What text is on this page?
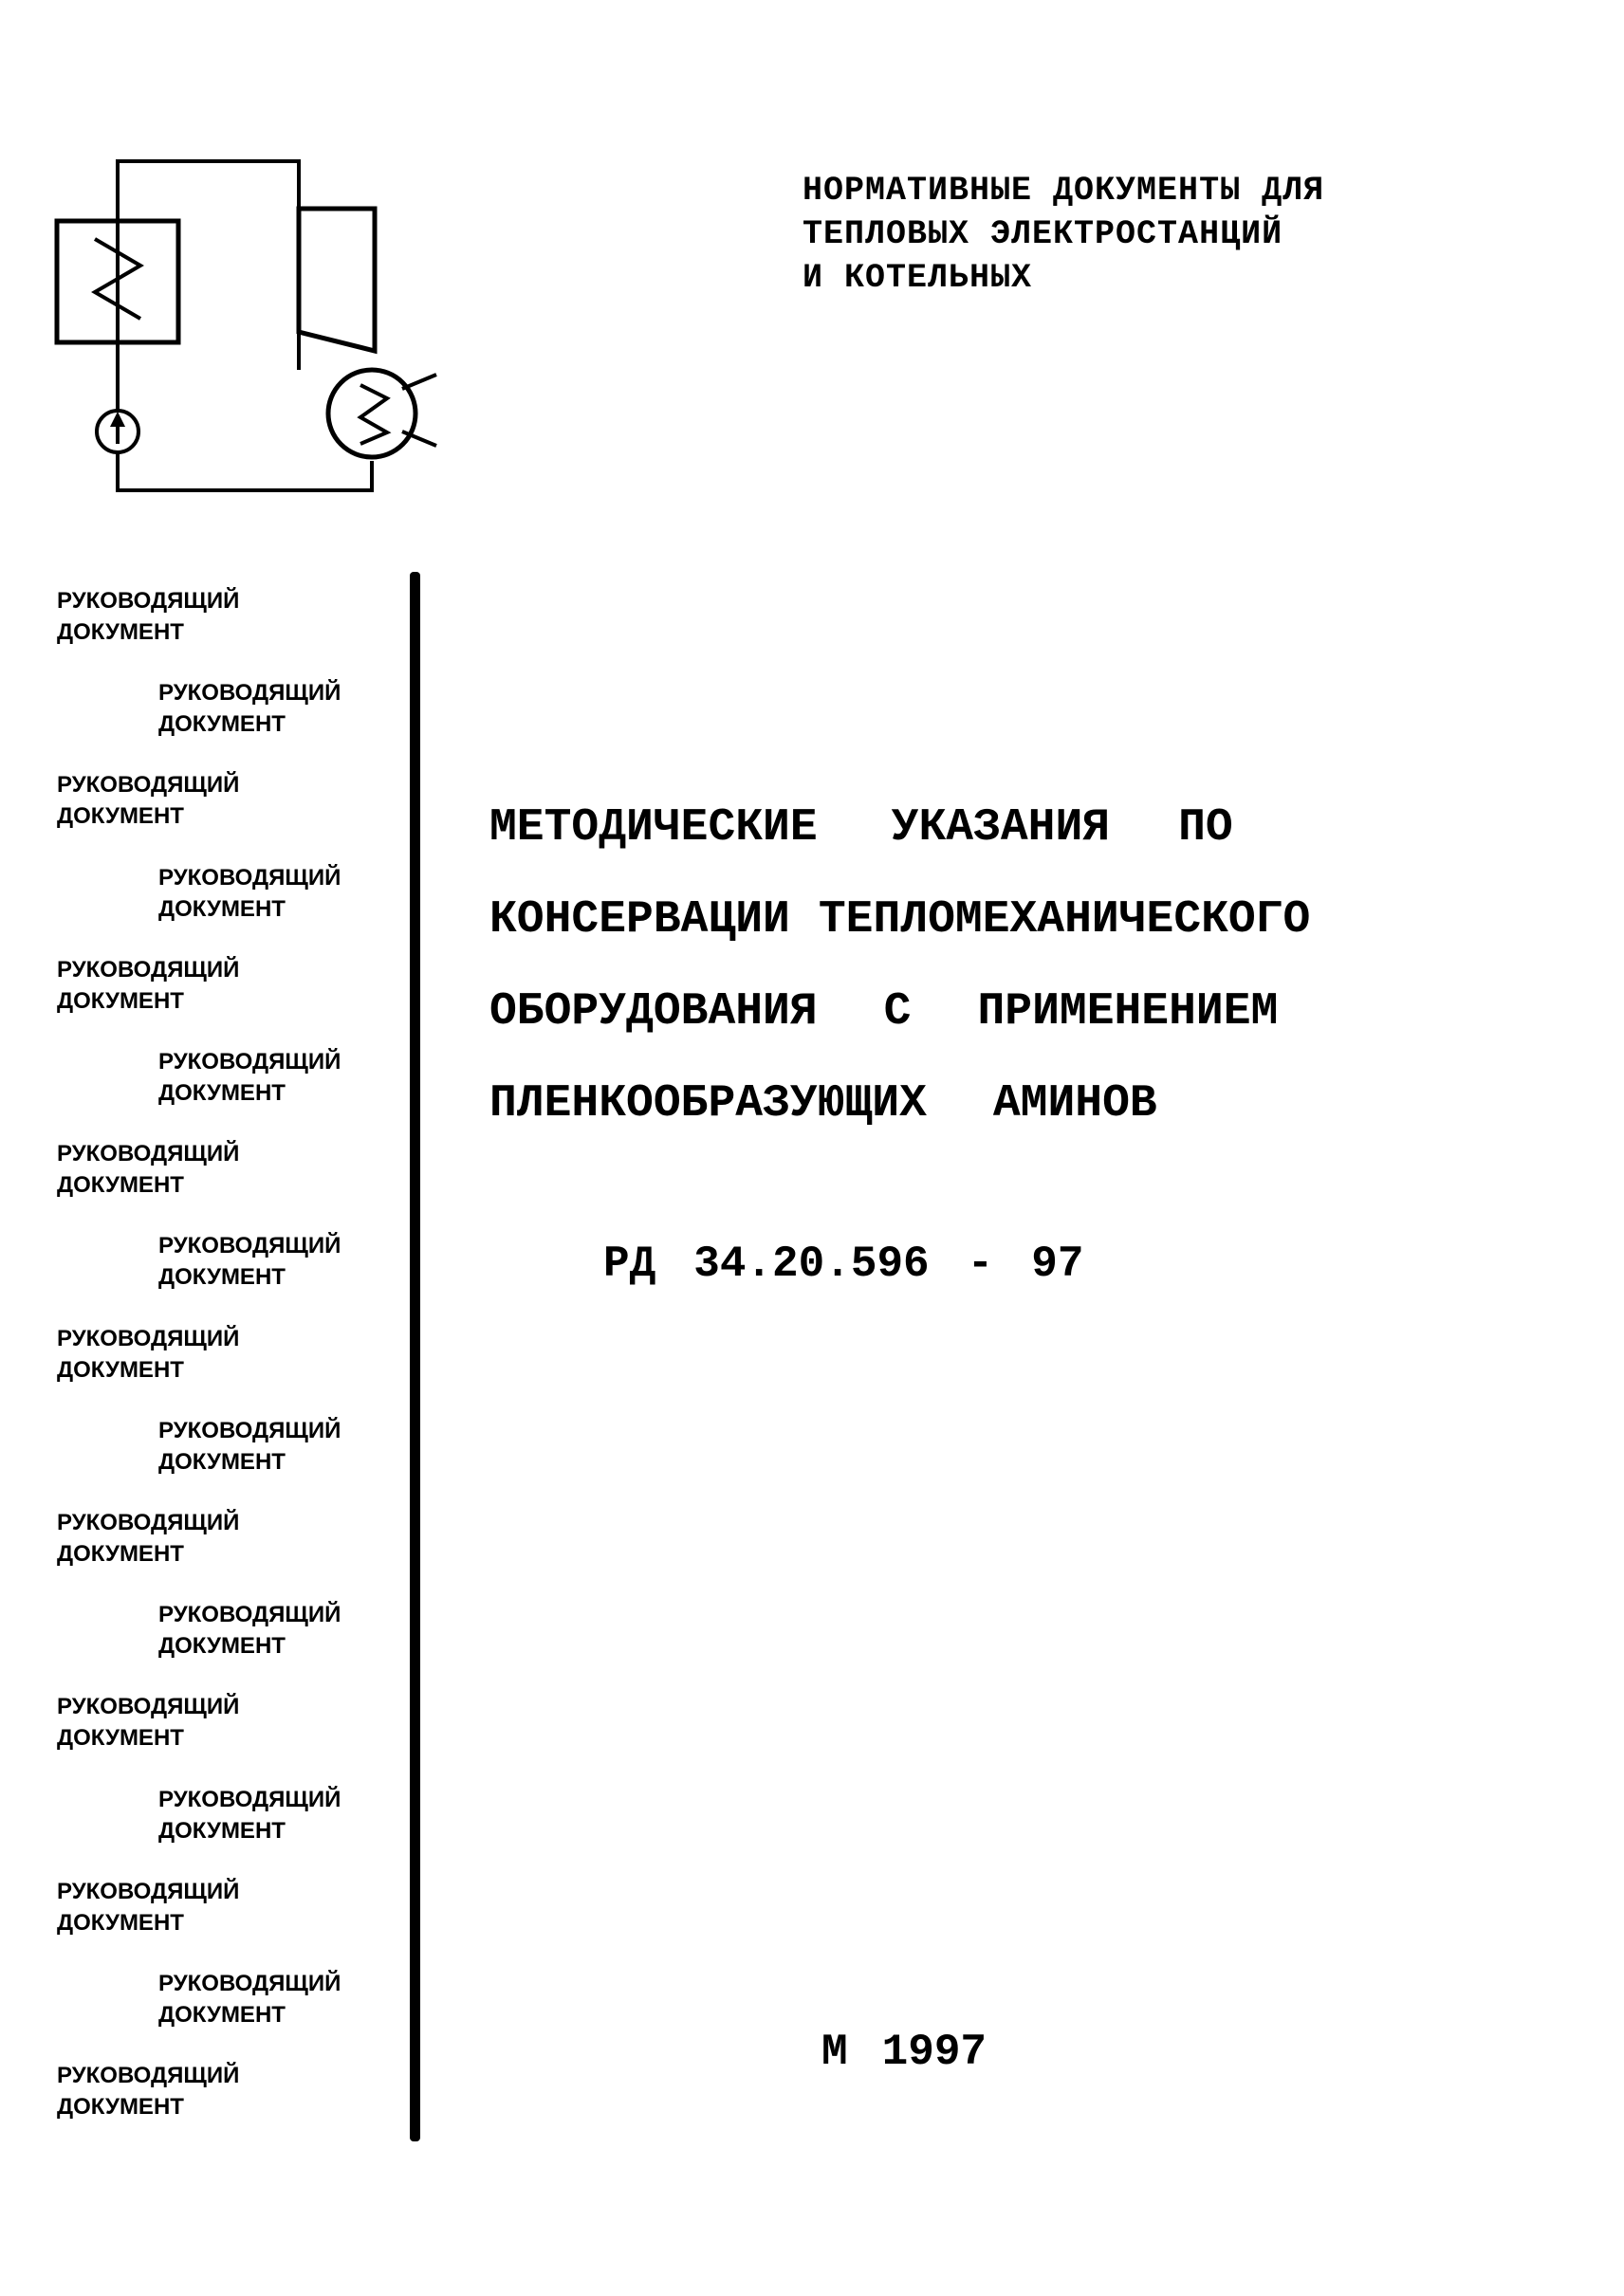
НОРМАТИВНЫЕ ДОКУМЕНТЫ ДЛЯ
ТЕПЛОВЫХ ЭЛЕКТРОСТАНЦИЙ
И КОТЕЛЬНЫХ
РУКОВОДЯЩИЙ
ДОКУМЕНТ
РУКОВОДЯЩИЙ
ДОКУМЕНТ
РУКОВОДЯЩИЙ
ДОКУМЕНТ
РУКОВОДЯЩИЙ
ДОКУМЕНТ
РУКОВОДЯЩИЙ
ДОКУМЕНТ
РУКОВОДЯЩИЙ
ДОКУМЕНТ
РУКОВОДЯЩИЙ
ДОКУМЕНТ
РУКОВОДЯЩИЙ
ДОКУМЕНТ
РУКОВОДЯЩИЙ
ДОКУМЕНТ
РУКОВОДЯЩИЙ
ДОКУМЕНТ
РУКОВОДЯЩИЙ
ДОКУМЕНТ
РУКОВОДЯЩИЙ
ДОКУМЕНТ
РУКОВОДЯЩИЙ
ДОКУМЕНТ
РУКОВОДЯЩИЙ
ДОКУМЕНТ
РУКОВОДЯЩИЙ
ДОКУМЕНТ
РУКОВОДЯЩИЙ
ДОКУМЕНТ
РУКОВОДЯЩИЙ
ДОКУМЕНТ
МЕТОДИЧЕСКИЕ УКАЗАНИЯ ПО
КОНСЕРВАЦИИ ТЕПЛОМЕХАНИЧЕСКОГО
ОБОРУДОВАНИЯ С ПРИМЕНЕНИЕМ
ПЛЕНКООБРАЗУЮЩИХ АМИНОВ
РД 34.20.596 - 97
М 1997
